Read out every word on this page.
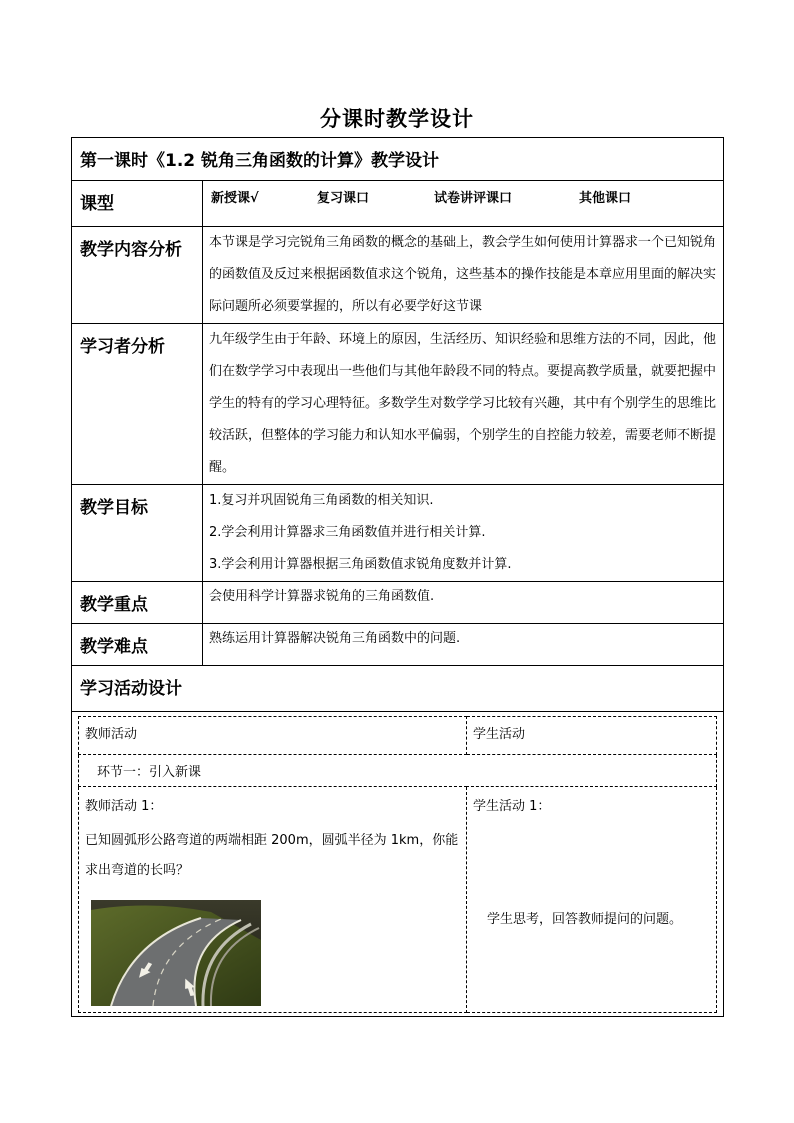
分课时教学设计
第一课时《1.2 锐角三角函数的计算》教学设计
课型	新授课√	复习课口	试卷讲评课口	其他课口

教学内容分析	本节课是学习完锐角三角函数的概念的基础上，教会学生如何使用计算器求一个已知锐角的函数值及反过来根据函数值求这个锐角，这些基本的操作技能是本章应用里面的解决实际问题所必须要掌握的，所以有必要学好这节课
学习者分析	九年级学生由于年龄、环境上的原因，生活经历、知识经验和思维方法的不同，因此，他们在数学学习中表现出一些他们与其他年龄段不同的特点。要提高教学质量，就要把握中学生的特有的学习心理特征。多数学生对数学学习比较有兴趣，其中有个别学生的思维比较活跃，但整体的学习能力和认知水平偏弱，个别学生的自控能力较差，需要老师不断提醒。
教学目标	1.复习并巩固锐角三角函数的相关知识.
2.学会利用计算器求三角函数值并进行相关计算.
3.学会利用计算器根据三角函数值求锐角度数并计算.

教学重点	会使用科学计算器求锐角的三角函数值.
教学难点	熟练运用计算器解决锐角三角函数中的问题.
学习活动设计

教师活动	学生活动
环节一：引入新课

教师活动 1：
已知圆弧形公路弯道的两端相距 200m，圆弧半径为 1km，你能求出弯道的长吗？

学生活动 1：
学生思考，回答教师提问的问题。
